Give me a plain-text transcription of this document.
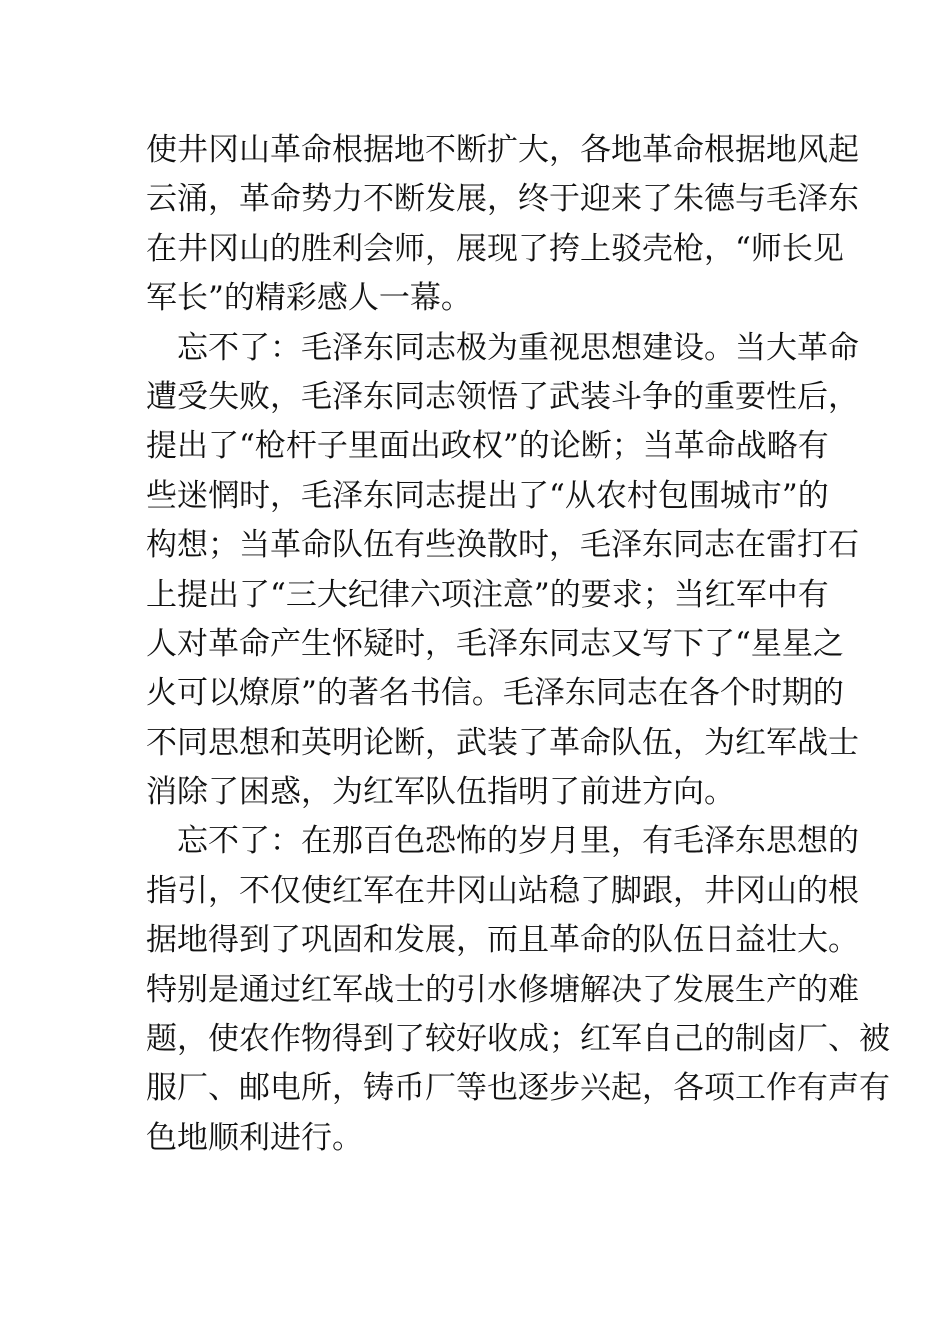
使井冈山革命根据地不断扩大，各地革命根据地风起
云涌，革命势力不断发展，终于迎来了朱德与毛泽东
在井冈山的胜利会师，展现了挎上驳壳枪，“师长见
军长”的精彩感人一幕。
　忘不了：毛泽东同志极为重视思想建设。当大革命
遭受失败，毛泽东同志领悟了武装斗争的重要性后，
提出了“枪杆子里面出政权”的论断；当革命战略有
些迷惘时，毛泽东同志提出了“从农村包围城市”的
构想；当革命队伍有些涣散时，毛泽东同志在雷打石
上提出了“三大纪律六项注意”的要求；当红军中有
人对革命产生怀疑时，毛泽东同志又写下了“星星之
火可以燎原”的著名书信。毛泽东同志在各个时期的
不同思想和英明论断，武装了革命队伍，为红军战士
消除了困惑，为红军队伍指明了前进方向。
　忘不了：在那百色恐怖的岁月里，有毛泽东思想的
指引，不仅使红军在井冈山站稳了脚跟，井冈山的根
据地得到了巩固和发展，而且革命的队伍日益壮大。
特别是通过红军战士的引水修塘解决了发展生产的难
题，使农作物得到了较好收成；红军自己的制卤厂、被
服厂、邮电所，铸币厂等也逐步兴起，各项工作有声有
色地顺利进行。
